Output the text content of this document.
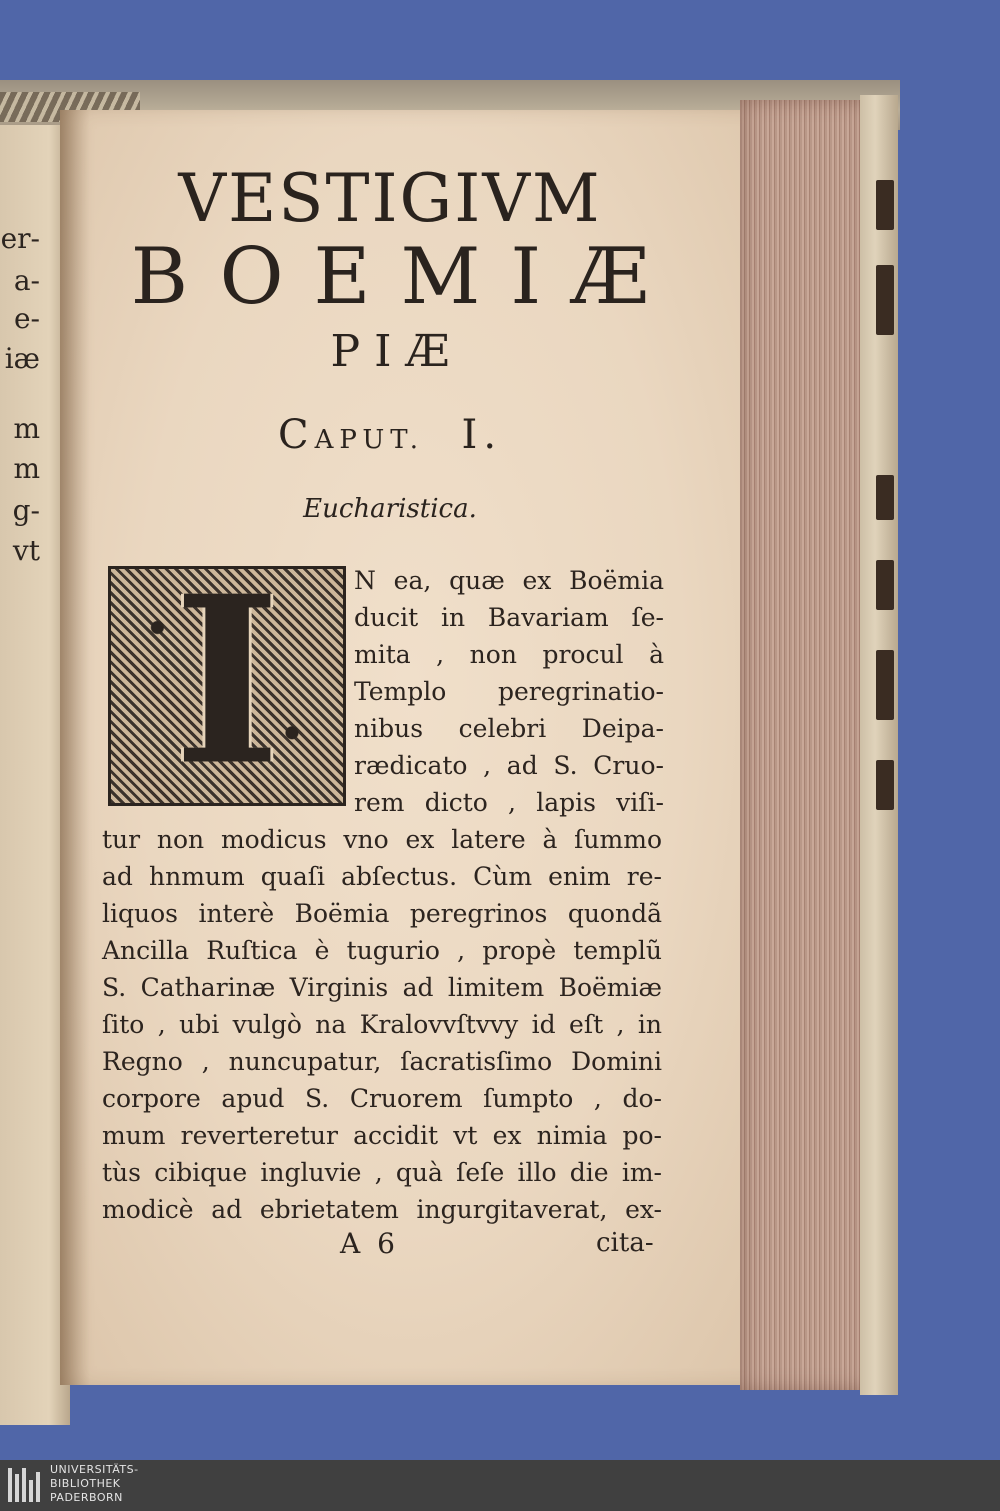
er-
a-
e-
iæ
m
m
g-
vt
VESTIGIVM
BOEMIÆ
PIÆ
CAPUT. I.
Eucharistica.
I	N ea, quæ ex Boëmia
ducit in Bavariam ſe-
mita , non procul à
Templo peregrinatio-
nibus celebri Deipa-
rædicato , ad S. Cruo-
rem dicto , lapis viſi-
tur non modicus vno ex latere à ſummo
ad hnmum quaſi abſectus. Cùm enim re-
liquos interè Boëmia peregrinos quondã
Ancilla Ruſtica è tugurio , propè templũ
S. Catharinæ Virginis ad limitem Boëmiæ
ſito , ubi vulgò na Kralovvſtvvy id eſt , in
Regno , nuncupatur, ſacratisſimo Domini
corpore apud S. Cruorem ſumpto , do-
mum reverteretur accidit vt ex nimia po-
tùs cibique ingluvie , quà ſeſe illo die im-
modicè ad ebrietatem ingurgitaverat, ex-
A 6	cita-
UNIVERSITÄTS-
BIBLIOTHEK
PADERBORN
